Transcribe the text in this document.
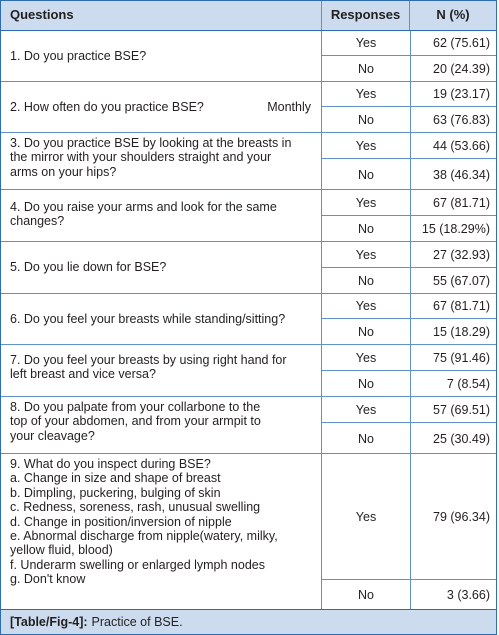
Questions	Responses	N (%)
1. Do you practice BSE?
Yes	62 (75.61)
No	20 (24.39)
2. How often do you practice BSE?	Monthly
Yes	19 (23.17)
No	63 (76.83)
3. Do you practice BSE by looking at the breasts in
the mirror with your shoulders straight and your
arms on your hips?
Yes	44 (53.66)
No	38 (46.34)
4. Do you raise your arms and look for the same
changes?
Yes	67 (81.71)
No	15 (18.29%)
5. Do you lie down for BSE?
Yes	27 (32.93)
No	55 (67.07)
6. Do you feel your breasts while standing/sitting?
Yes	67 (81.71)
No	15 (18.29)
7. Do you feel your breasts by using right hand for
left breast and vice versa?
Yes	75 (91.46)
No	7 (8.54)
8. Do you palpate from your collarbone to the
top of your abdomen, and from your armpit to
your cleavage?
Yes	57 (69.51)
No	25 (30.49)
9. What do you inspect during BSE?
a. Change in size and shape of breast
b. Dimpling, puckering, bulging of skin
c. Redness, soreness, rash, unusual swelling
d. Change in position/inversion of nipple
e. Abnormal discharge from nipple(watery, milky,
yellow fluid, blood)
f. Underarm swelling or enlarged lymph nodes
g. Don't know
Yes	79 (96.34)
No	3 (3.66)
[Table/Fig-4]: Practice of BSE.
